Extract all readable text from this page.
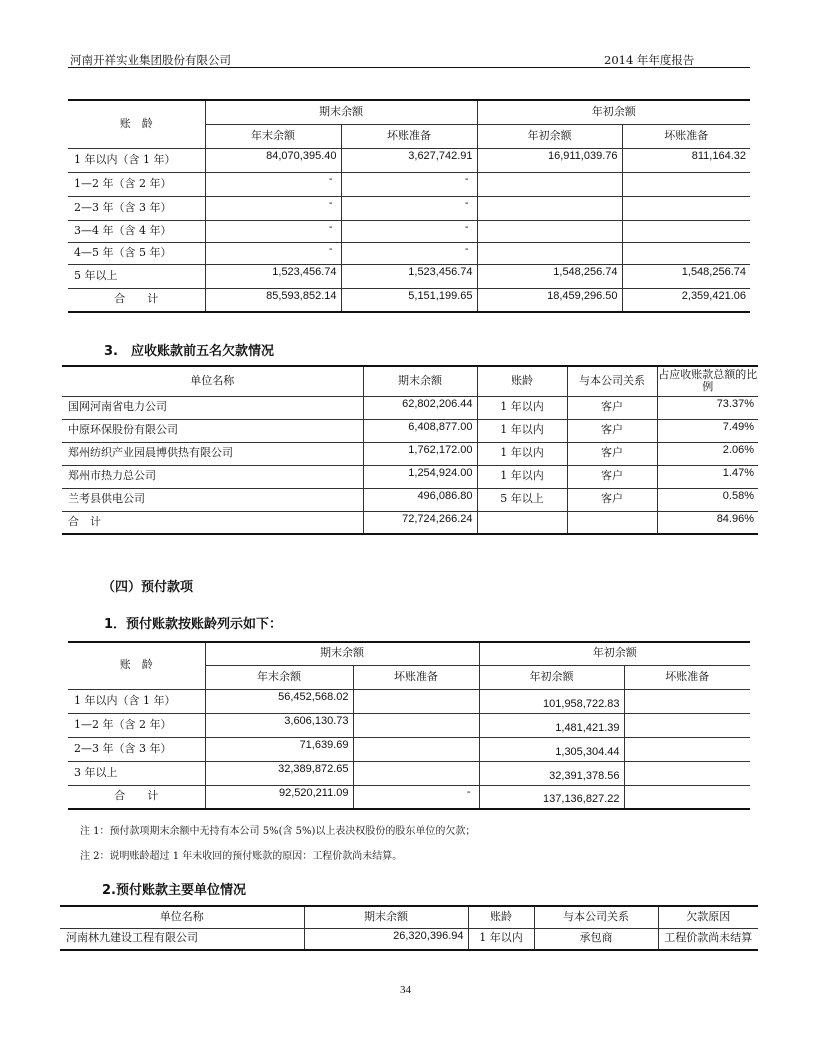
河南开祥实业集团股份有限公司	2014 年年度报告
账　龄	期末余额		年初余额	
	年末余额	坏账准备	年初余额	坏账准备
1 年以内（含 1 年）	84,070,395.40	3,627,742.91	16,911,039.76	811,164.32
1—2 年（含 2 年）	-	-		
2—3 年（含 3 年）	-	-		
3—4 年（含 4 年）	-	-		
4—5 年（含 5 年）	-	-		
5 年以上	1,523,456.74	1,523,456.74	1,548,256.74	1,548,256.74
合　　计	85,593,852.14	5,151,199.65	18,459,296.50	2,359,421.06
3.　应收账款前五名欠款情况
单位名称	期末余额	账龄	与本公司关系	占应收账款总额的比例
国网河南省电力公司	62,802,206.44	1 年以内	客户	73.37%
中原环保股份有限公司	6,408,877.00	1 年以内	客户	7.49%
郑州纺织产业园晨博供热有限公司	1,762,172.00	1 年以内	客户	2.06%
郑州市热力总公司	1,254,924.00	1 年以内	客户	1.47%
兰考县供电公司	496,086.80	5 年以上	客户	0.58%
合　计	72,724,266.24			84.96%
（四）预付款项
1．预付账款按账龄列示如下：
账　龄	期末余额		年初余额	
	年末余额	坏账准备	年初余额	坏账准备
1 年以内（含 1 年）	56,452,568.02		101,958,722.83	
1—2 年（含 2 年）	3,606,130.73		1,481,421.39	
2—3 年（含 3 年）	71,639.69		1,305,304.44	
3 年以上	32,389,872.65		32,391,378.56	
合　　计	92,520,211.09	-	137,136,827.22	
注 1：预付款项期末余额中无持有本公司 5%(含 5%)以上表决权股份的股东单位的欠款；
注 2：说明账龄超过 1 年未收回的预付账款的原因：工程价款尚未结算。
2.预付账款主要单位情况
单位名称	期末余额	账龄	与本公司关系	欠款原因
河南林九建设工程有限公司	26,320,396.94	1 年以内	承包商	工程价款尚未结算
34
